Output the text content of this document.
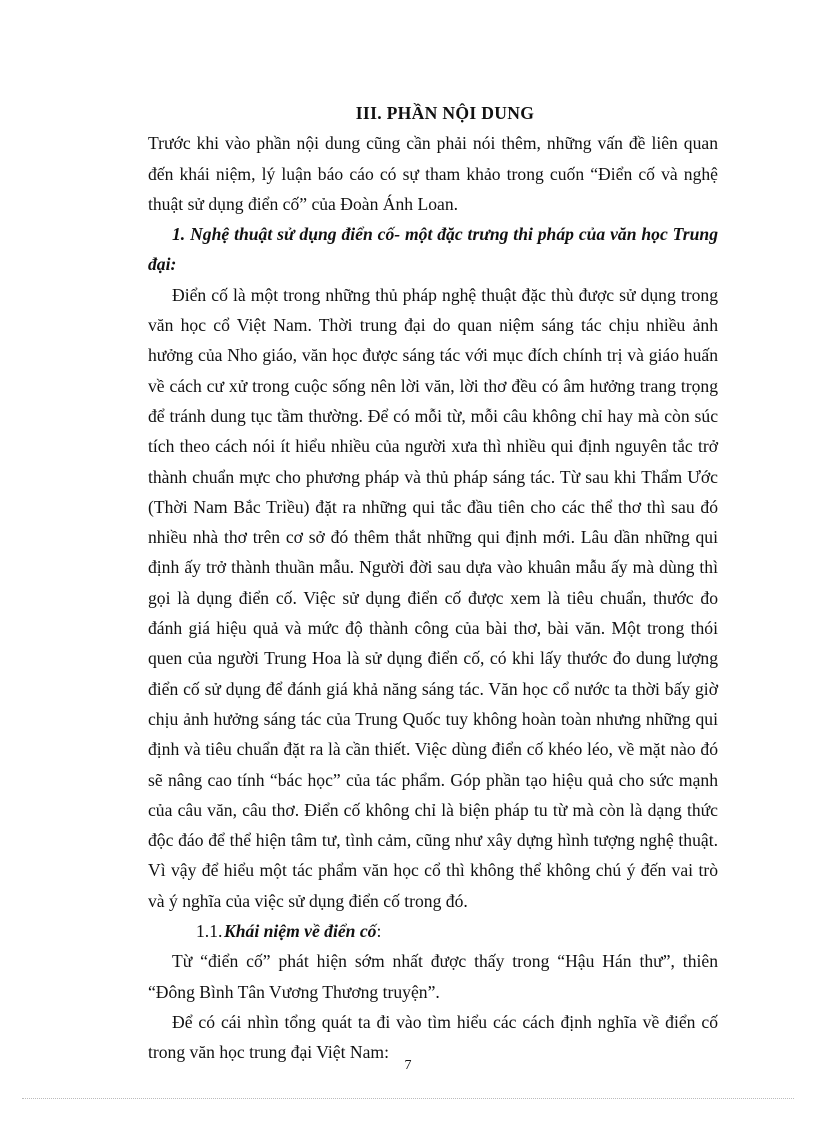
III. PHẦN NỘI DUNG

Trước khi vào phần nội dung cũng cần phải nói thêm, những vấn đề liên quan đến khái niệm, lý luận báo cáo có sự tham khảo trong cuốn “Điển cố và nghệ thuật sử dụng điển cố” của Đoàn Ánh Loan.

1. Nghệ thuật sử dụng điển cố- một đặc trưng thi pháp của văn học Trung đại:

Điển cố là một trong những thủ pháp nghệ thuật đặc thù được sử dụng trong văn học cổ Việt Nam. Thời trung đại do quan niệm sáng tác chịu nhiều ảnh hưởng của Nho giáo, văn học được sáng tác với mục đích chính trị và giáo huấn về cách cư xử trong cuộc sống nên lời văn, lời thơ đều có âm hưởng trang trọng để tránh dung tục tầm thường. Để có mỗi từ, mỗi câu không chỉ hay mà còn súc tích theo cách nói ít hiểu nhiều của người xưa thì nhiều qui định nguyên tắc trở thành chuẩn mực cho phương pháp và thủ pháp sáng tác. Từ sau khi Thẩm Ước (Thời Nam Bắc Triều) đặt ra những qui tắc đầu tiên cho các thể thơ thì sau đó nhiều nhà thơ trên cơ sở đó thêm thắt những qui định mới. Lâu dần những qui định ấy trở thành thuần mẫu. Người đời sau dựa vào khuân mẫu ấy mà dùng thì gọi là dụng điển cố. Việc sử dụng điển cố được xem là tiêu chuẩn, thước đo đánh giá hiệu quả và mức độ thành công của bài thơ, bài văn. Một trong thói quen của người Trung Hoa là sử dụng điển cố, có khi lấy thước đo dung lượng điển cố sử dụng để đánh giá khả năng sáng tác. Văn học cổ nước ta thời bấy giờ chịu ảnh hưởng sáng tác của Trung Quốc tuy không hoàn toàn nhưng những qui định và tiêu chuẩn đặt ra là cần thiết. Việc dùng điển cố khéo léo, về mặt nào đó sẽ nâng cao tính “bác học” của tác phẩm. Góp phần tạo hiệu quả cho sức mạnh của câu văn, câu thơ. Điển cố không chỉ là biện pháp tu từ mà còn là dạng thức độc đáo để thể hiện tâm tư, tình cảm, cũng như xây dựng hình tượng nghệ thuật. Vì vậy để hiểu một tác phẩm văn học cổ thì không thể không chú ý đến vai trò và ý nghĩa của việc sử dụng điển cố trong đó.

1.1.Khái niệm về điển cố:

Từ “điển cố” phát hiện sớm nhất được thấy trong “Hậu Hán thư”, thiên “Đông Bình Tân Vương Thương truyện”.

Để có cái nhìn tổng quát ta đi vào tìm hiểu các cách định nghĩa về điển cố trong văn học trung đại Việt Nam:

7
